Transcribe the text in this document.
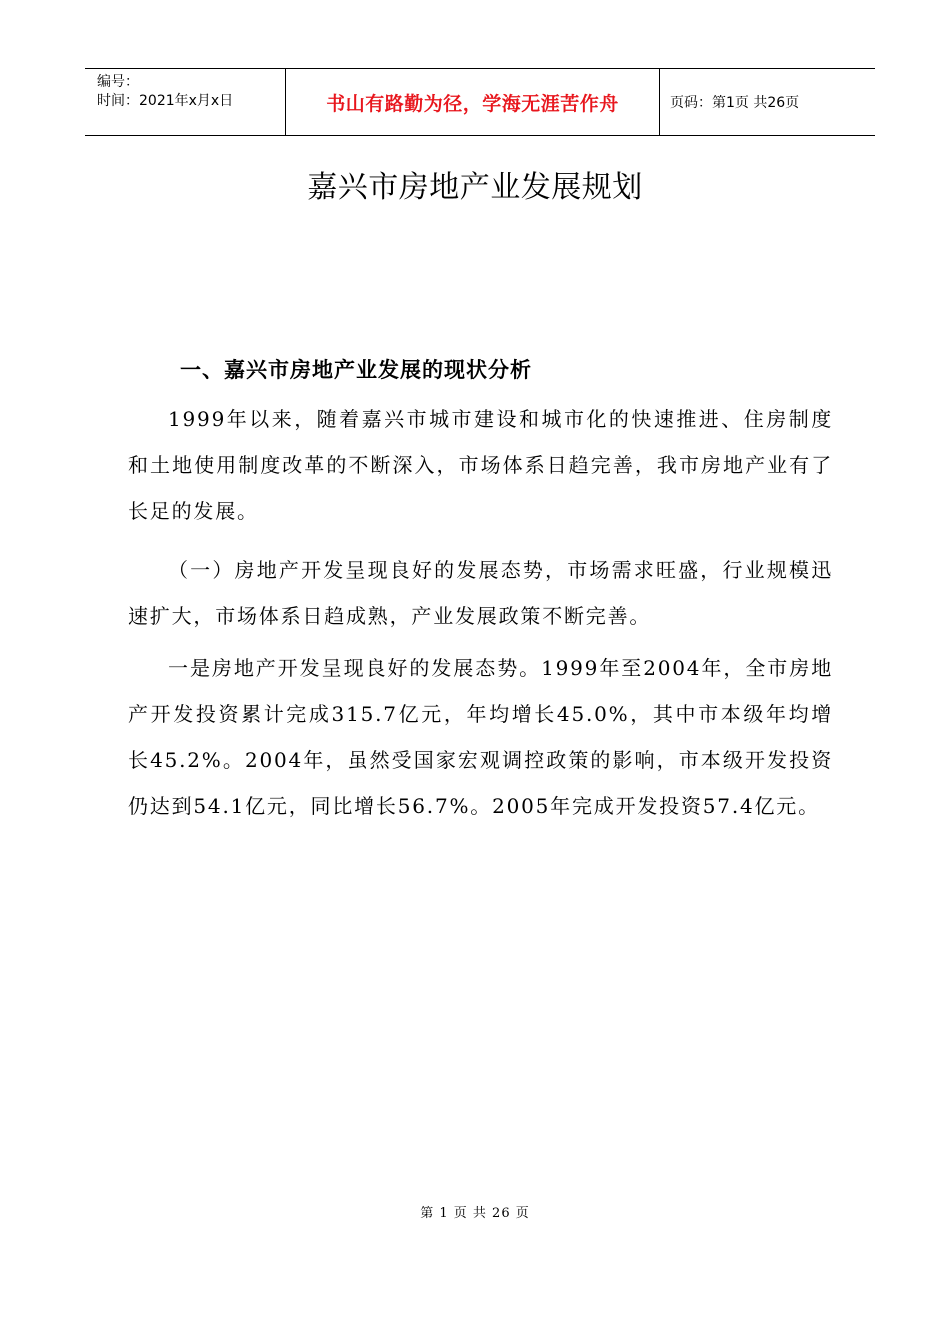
编号：
时间：2021年x月x日	书山有路勤为径，学海无涯苦作舟	页码：第1页 共26页
嘉兴市房地产业发展规划
一、嘉兴市房地产业发展的现状分析

1999年以来，随着嘉兴市城市建设和城市化的快速推进、住房制度和土地使用制度改革的不断深入，市场体系日趋完善，我市房地产业有了长足的发展。

（一）房地产开发呈现良好的发展态势，市场需求旺盛，行业规模迅速扩大，市场体系日趋成熟，产业发展政策不断完善。

一是房地产开发呈现良好的发展态势。1999年至2004年，全市房地产开发投资累计完成315.7亿元，年均增长45.0%，其中市本级年均增长45.2%。2004年，虽然受国家宏观调控政策的影响，市本级开发投资仍达到54.1亿元，同比增长56.7%。2005年完成开发投资57.4亿元。

第 1 页 共 26 页
